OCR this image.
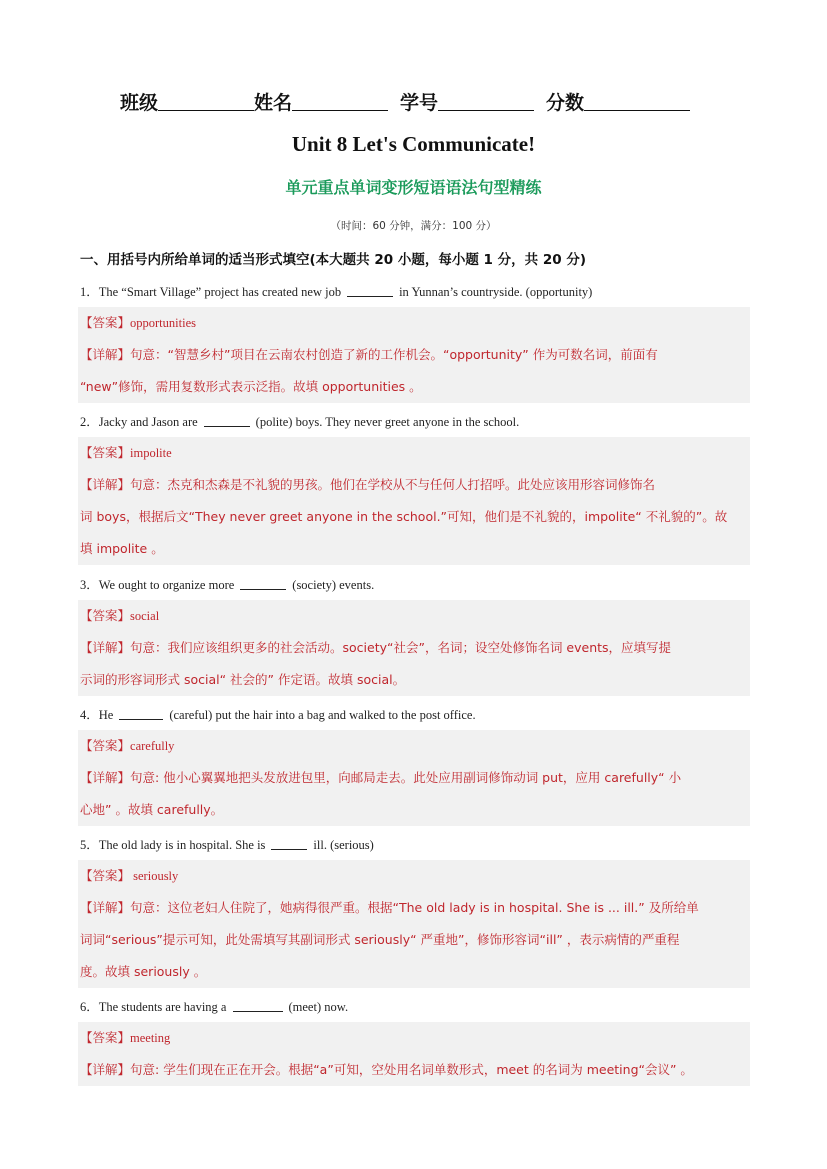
班级	姓名	学号	分数
Unit 8 Let's Communicate!
单元重点单词变形短语语法句型精练
（时间：60 分钟，满分：100 分）
一、用括号内所给单词的适当形式填空(本大题共 20 小题，每小题 1 分，共 20 分)
1．The “Smart Village” project has created new job	in Yunnan’s countryside. (opportunity)
【答案】opportunities
【详解】句意：“智慧乡村”项目在云南农村创造了新的工作机会。“opportunity” 作为可数名词，前面有
“new”修饰，需用复数形式表示泛指。故填 opportunities 。
2．Jacky and Jason are	(polite) boys. They never greet anyone in the school.
【答案】impolite
【详解】句意：杰克和杰森是不礼貌的男孩。他们在学校从不与任何人打招呼。此处应该用形容词修饰名
词 boys，根据后文“They never greet anyone in the school.”可知，他们是不礼貌的，impolite“ 不礼貌的”。故
填 impolite 。
3．We ought to organize more	(society) events.
【答案】social
【详解】句意：我们应该组织更多的社会活动。society“社会”，名词；设空处修饰名词 events，应填写提
示词的形容词形式 social“ 社会的” 作定语。故填 social。
4．He	(careful) put the hair into a bag and walked to the post office.
【答案】carefully
【详解】句意: 他小心翼翼地把头发放进包里，向邮局走去。此处应用副词修饰动词 put，应用 carefully“ 小
心地” 。故填 carefully。
5．The old lady is in hospital. She is	ill. (serious)
【答案】 seriously
【详解】句意：这位老妇人住院了，她病得很严重。根据“The old lady is in hospital. She is ... ill.” 及所给单
词词“serious”提示可知，此处需填写其副词形式 seriously“ 严重地”，修饰形容词“ill” ，表示病情的严重程
度。故填 seriously 。
6．The students are having a	(meet) now.
【答案】meeting
【详解】句意: 学生们现在正在开会。根据“a”可知，空处用名词单数形式，meet 的名词为 meeting“会议” 。
